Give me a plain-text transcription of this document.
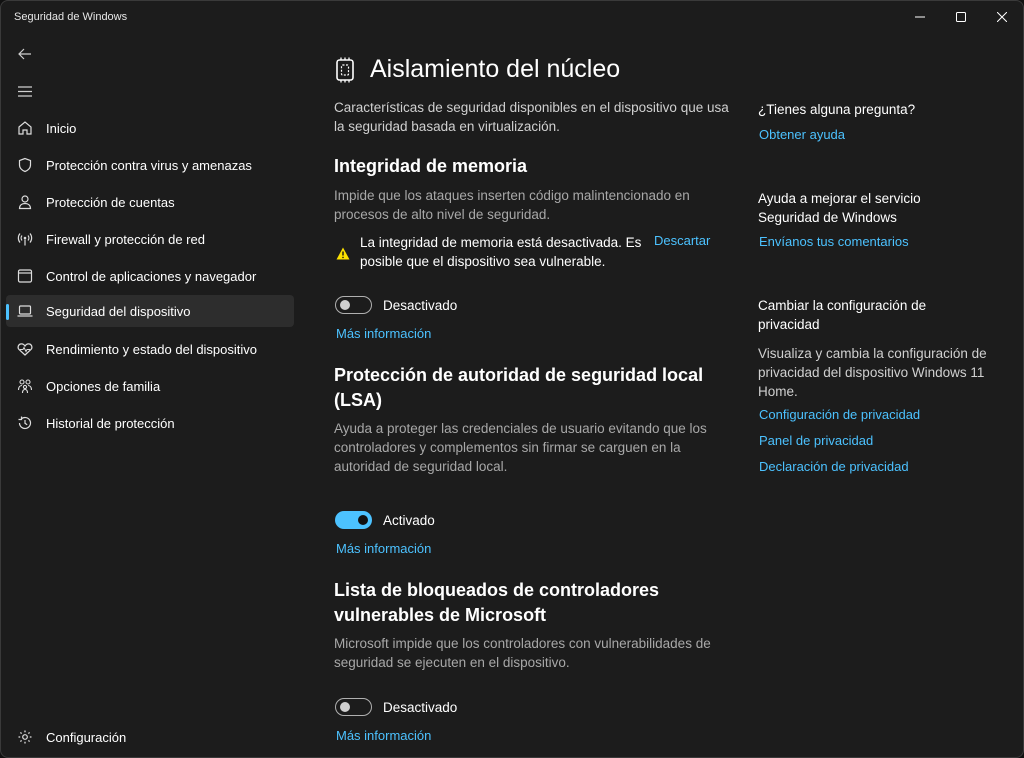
Seguridad de Windows
Inicio
Protección contra virus y amenazas
Protección de cuentas
Firewall y protección de red
Control de aplicaciones y navegador
Seguridad del dispositivo
Rendimiento y estado del dispositivo
Opciones de familia
Historial de protección
Configuración
Aislamiento del núcleo
Características de seguridad disponibles en el dispositivo que usa la seguridad basada en virtualización.
Integridad de memoria
Impide que los ataques inserten código malintencionado en procesos de alto nivel de seguridad.
La integridad de memoria está desactivada. Es posible que el dispositivo sea vulnerable.
Descartar
Desactivado
Más información
Protección de autoridad de seguridad local (LSA)
Ayuda a proteger las credenciales de usuario evitando que los controladores y complementos sin firmar se carguen en la autoridad de seguridad local.
Activado
Más información
Lista de bloqueados de controladores vulnerables de Microsoft
Microsoft impide que los controladores con vulnerabilidades de seguridad se ejecuten en el dispositivo.
Desactivado
Más información
¿Tienes alguna pregunta?
Obtener ayuda
Ayuda a mejorar el servicio Seguridad de Windows
Envíanos tus comentarios
Cambiar la configuración de privacidad
Visualiza y cambia la configuración de privacidad del dispositivo Windows 11 Home.
Configuración de privacidad
Panel de privacidad
Declaración de privacidad
